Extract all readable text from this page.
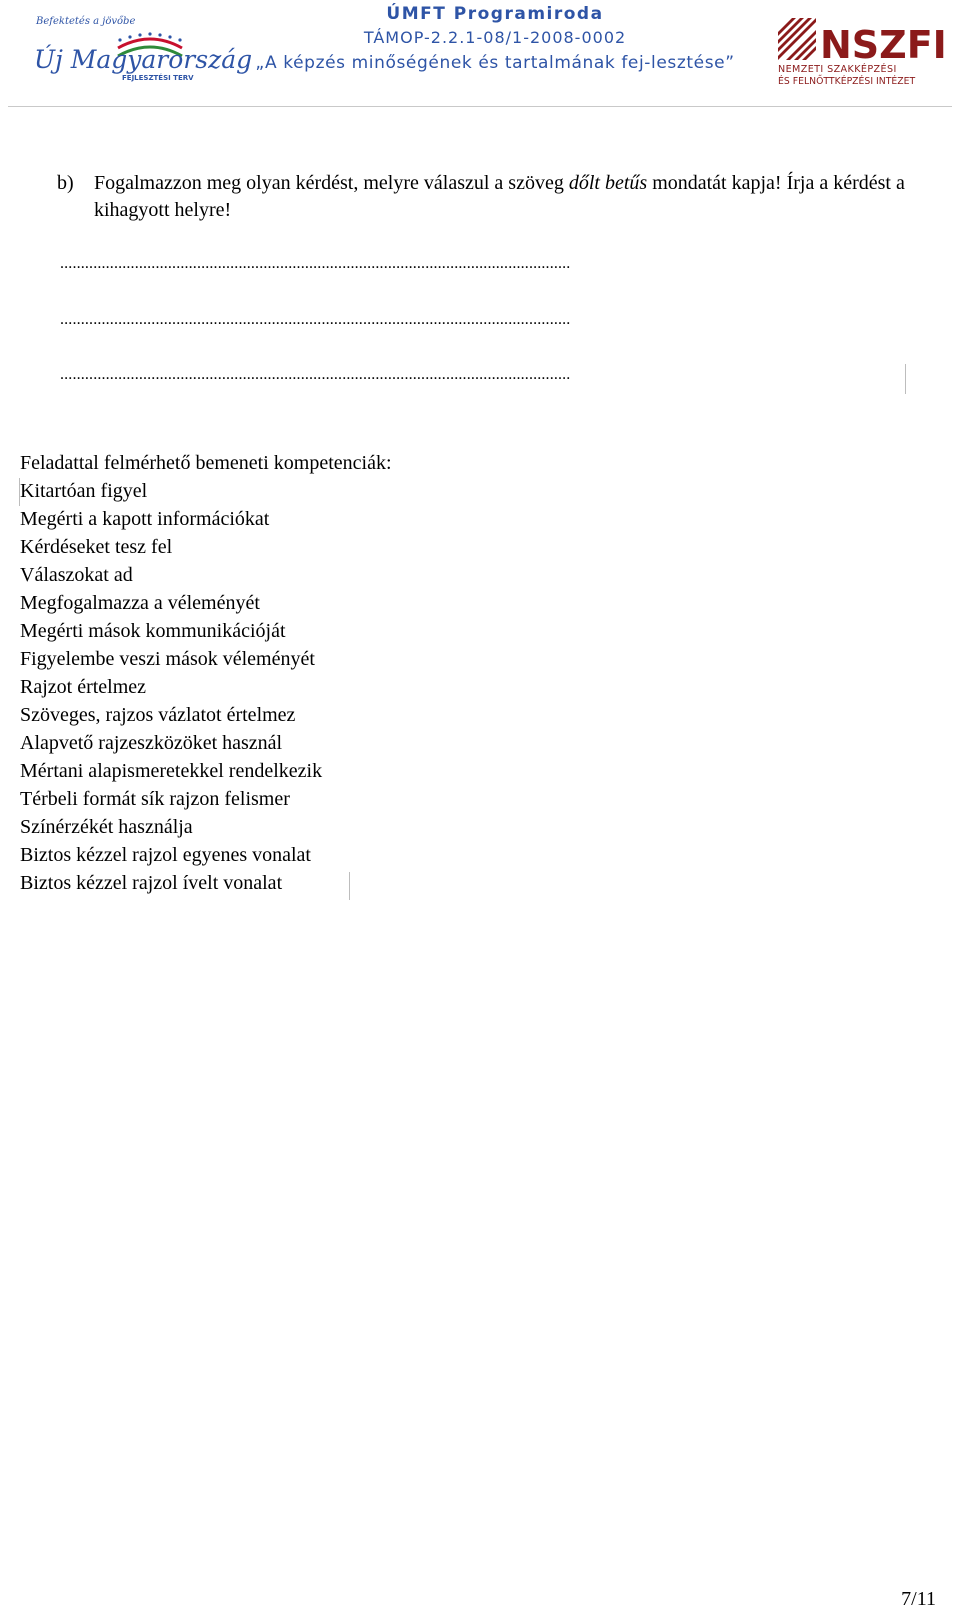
Befektetés a jövőbe
Új Magyarország
FEJLESZTÉSI TERV
ÚMFT Programiroda
TÁMOP-2.2.1-08/1-2008-0002
„A képzés minőségének és tartalmának fej-lesztése” NSZFI
NEMZETI SZAKKÉPZÉSI
ÉS FELNŐTTKÉPZÉSI INTÉZET
b) Fogalmazzon meg olyan kérdést, melyre válaszul a szöveg dőlt betűs mondatát kapja! Írja a kérdést a kihagyott helyre!
...........................................................................................................................
...........................................................................................................................
...........................................................................................................................
Feladattal felmérhető bemeneti kompetenciák:
Kitartóan figyel
Megérti a kapott információkat
Kérdéseket tesz fel
Válaszokat ad
Megfogalmazza a véleményét
Megérti mások kommunikációját
Figyelembe veszi mások véleményét
Rajzot értelmez
Szöveges, rajzos vázlatot értelmez
Alapvető rajzeszközöket használ
Mértani alapismeretekkel rendelkezik
Térbeli formát sík rajzon felismer
Színérzékét használja
Biztos kézzel rajzol egyenes vonalat
Biztos kézzel rajzol ívelt vonalat
7/11
